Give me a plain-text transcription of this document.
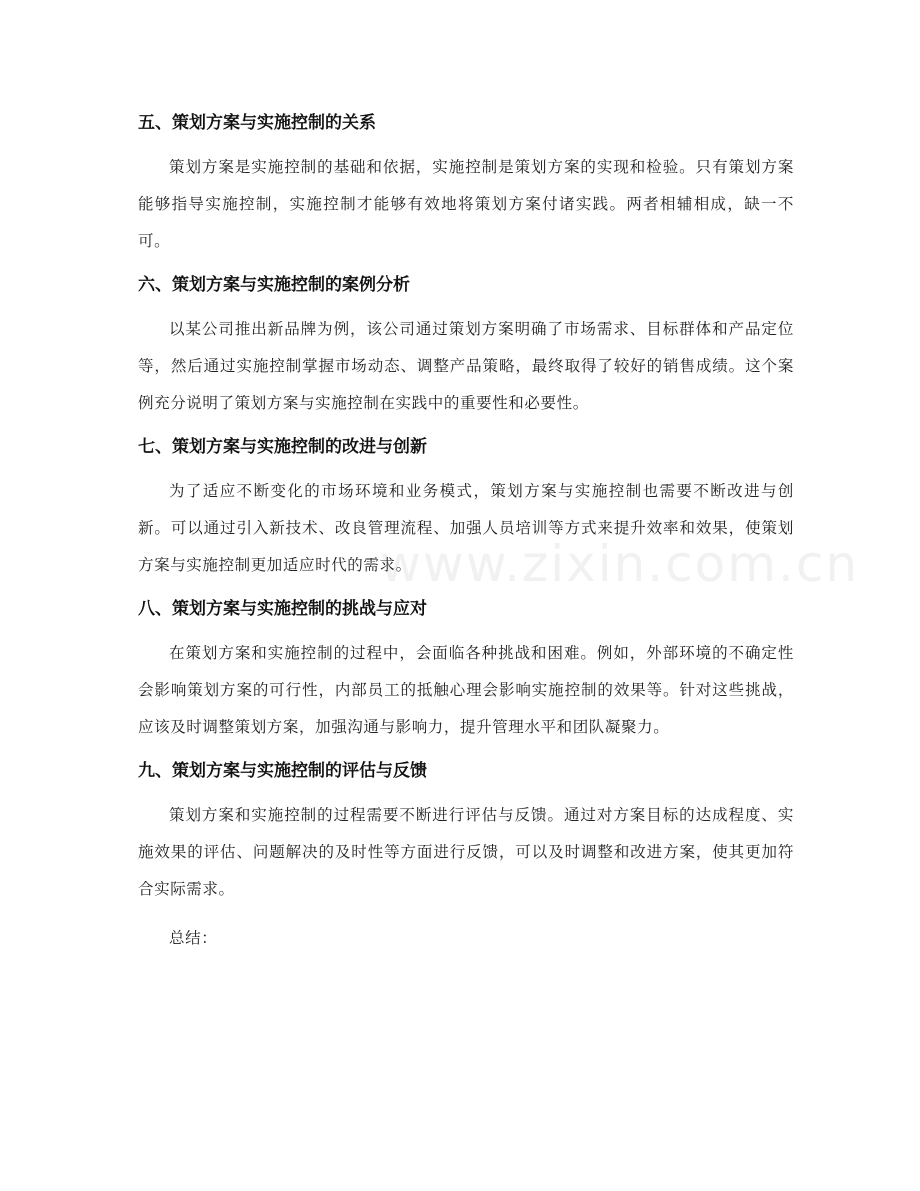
五、策划方案与实施控制的关系

策划方案是实施控制的基础和依据，实施控制是策划方案的实现和检验。只有策划方案能够指导实施控制，实施控制才能够有效地将策划方案付诸实践。两者相辅相成，缺一不可。

六、策划方案与实施控制的案例分析

以某公司推出新品牌为例，该公司通过策划方案明确了市场需求、目标群体和产品定位等，然后通过实施控制掌握市场动态、调整产品策略，最终取得了较好的销售成绩。这个案例充分说明了策划方案与实施控制在实践中的重要性和必要性。

七、策划方案与实施控制的改进与创新

为了适应不断变化的市场环境和业务模式，策划方案与实施控制也需要不断改进与创新。可以通过引入新技术、改良管理流程、加强人员培训等方式来提升效率和效果，使策划方案与实施控制更加适应时代的需求。

八、策划方案与实施控制的挑战与应对

在策划方案和实施控制的过程中，会面临各种挑战和困难。例如，外部环境的不确定性会影响策划方案的可行性，内部员工的抵触心理会影响实施控制的效果等。针对这些挑战，应该及时调整策划方案，加强沟通与影响力，提升管理水平和团队凝聚力。

九、策划方案与实施控制的评估与反馈

策划方案和实施控制的过程需要不断进行评估与反馈。通过对方案目标的达成程度、实施效果的评估、问题解决的及时性等方面进行反馈，可以及时调整和改进方案，使其更加符合实际需求。

总结：

www.zixin.com.cn
